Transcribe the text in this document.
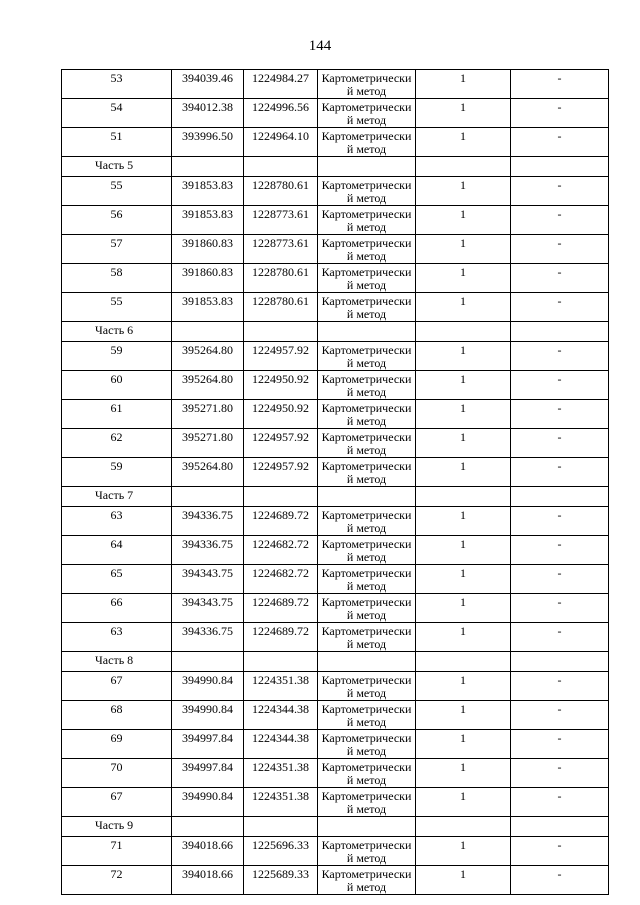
144
53	394039.46	1224984.27	Картометрически й метод	1	-
54	394012.38	1224996.56	Картометрически й метод	1	-
51	393996.50	1224964.10	Картометрически й метод	1	-
Часть 5					
55	391853.83	1228780.61	Картометрически й метод	1	-
56	391853.83	1228773.61	Картометрически й метод	1	-
57	391860.83	1228773.61	Картометрически й метод	1	-
58	391860.83	1228780.61	Картометрически й метод	1	-
55	391853.83	1228780.61	Картометрически й метод	1	-
Часть 6					
59	395264.80	1224957.92	Картометрически й метод	1	-
60	395264.80	1224950.92	Картометрически й метод	1	-
61	395271.80	1224950.92	Картометрически й метод	1	-
62	395271.80	1224957.92	Картометрически й метод	1	-
59	395264.80	1224957.92	Картометрически й метод	1	-
Часть 7					
63	394336.75	1224689.72	Картометрически й метод	1	-
64	394336.75	1224682.72	Картометрически й метод	1	-
65	394343.75	1224682.72	Картометрически й метод	1	-
66	394343.75	1224689.72	Картометрически й метод	1	-
63	394336.75	1224689.72	Картометрически й метод	1	-
Часть 8					
67	394990.84	1224351.38	Картометрически й метод	1	-
68	394990.84	1224344.38	Картометрически й метод	1	-
69	394997.84	1224344.38	Картометрически й метод	1	-
70	394997.84	1224351.38	Картометрически й метод	1	-
67	394990.84	1224351.38	Картометрически й метод	1	-
Часть 9					
71	394018.66	1225696.33	Картометрически й метод	1	-
72	394018.66	1225689.33	Картометрически й метод	1	-
